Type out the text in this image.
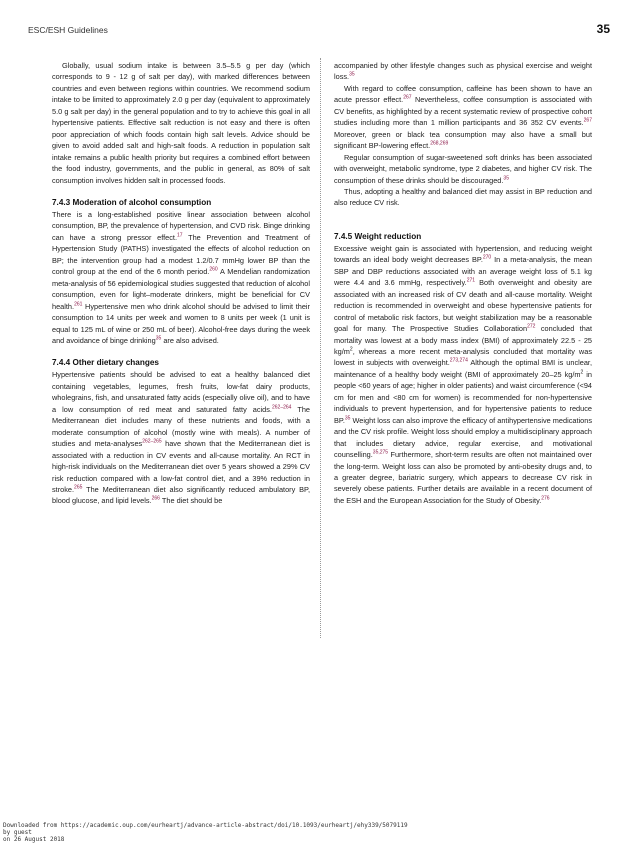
ESC/ESH Guidelines	35

Globally, usual sodium intake is between 3.5–5.5 g per day (which corresponds to 9 - 12 g of salt per day), with marked differences between countries and even between regions within countries. We recommend sodium intake to be limited to approximately 2.0 g per day (equivalent to approximately 5.0 g salt per day) in the general population and to try to achieve this goal in all hypertensive patients. Effective salt reduction is not easy and there is often poor appreciation of which foods contain high salt levels. Advice should be given to avoid added salt and high-salt foods. A reduction in population salt intake remains a public health priority but requires a combined effort between the food industry, governments, and the public in general, as 80% of salt consumption involves hidden salt in processed foods.

7.4.3 Moderation of alcohol consumption

There is a long-established positive linear association between alcohol consumption, BP, the prevalence of hypertension, and CVD risk. Binge drinking can have a strong pressor effect.$^{17}$ The Prevention and Treatment of Hypertension Study (PATHS) investigated the effects of alcohol reduction on BP; the intervention group had a modest 1.2/0.7 mmHg lower BP than the control group at the end of the 6 month period.$^{260}$ A Mendelian randomization meta-analysis of 56 epidemiological studies suggested that reduction of alcohol consumption, even for light–moderate drinkers, might be beneficial for CV health.$^{261}$ Hypertensive men who drink alcohol should be advised to limit their consumption to 14 units per week and women to 8 units per week (1 unit is equal to 125 mL of wine or 250 mL of beer). Alcohol-free days during the week and avoidance of binge drinking$^{35}$ are also advised.

7.4.4 Other dietary changes

Hypertensive patients should be advised to eat a healthy balanced diet containing vegetables, legumes, fresh fruits, low-fat dairy products, wholegrains, fish, and unsaturated fatty acids (especially olive oil), and to have a low consumption of red meat and saturated fatty acids.$^{262-264}$ The Mediterranean diet includes many of these nutrients and foods, with a moderate consumption of alcohol (mostly wine with meals). A number of studies and meta-analyses$^{262-265}$ have shown that the Mediterranean diet is associated with a reduction in CV events and all-cause mortality. An RCT in high-risk individuals on the Mediterranean diet over 5 years showed a 29% CV risk reduction compared with a low-fat control diet, and a 39% reduction in stroke.$^{265}$ The Mediterranean diet also significantly reduced ambulatory BP, blood glucose, and lipid levels.$^{266}$ The diet should be

accompanied by other lifestyle changes such as physical exercise and weight loss.$^{35}$

With regard to coffee consumption, caffeine has been shown to have an acute pressor effect.$^{267}$ Nevertheless, coffee consumption is associated with CV benefits, as highlighted by a recent systematic review of prospective cohort studies including more than 1 million participants and 36 352 CV events.$^{267}$ Moreover, green or black tea consumption may also have a small but significant BP-lowering effect.$^{268,269}$

Regular consumption of sugar-sweetened soft drinks has been associated with overweight, metabolic syndrome, type 2 diabetes, and higher CV risk. The consumption of these drinks should be discouraged.$^{35}$

Thus, adopting a healthy and balanced diet may assist in BP reduction and also reduce CV risk.

7.4.5 Weight reduction

Excessive weight gain is associated with hypertension, and reducing weight towards an ideal body weight decreases BP.$^{270}$ In a meta-analysis, the mean SBP and DBP reductions associated with an average weight loss of 5.1 kg were 4.4 and 3.6 mmHg, respectively.$^{271}$ Both overweight and obesity are associated with an increased risk of CV death and all-cause mortality. Weight reduction is recommended in overweight and obese hypertensive patients for control of metabolic risk factors, but weight stabilization may be a reasonable goal for many. The Prospective Studies Collaboration$^{272}$ concluded that mortality was lowest at a body mass index (BMI) of approximately 22.5 - 25 $kg/m^2$, whereas a more recent meta-analysis concluded that mortality was lowest in subjects with overweight.$^{273,274}$ Although the optimal BMI is unclear, maintenance of a healthy body weight (BMI of approximately 20–25 $kg/m^2$ in people <60 years of age; higher in older patients) and waist circumference (<94 cm for men and <80 cm for women) is recommended for non-hypertensive individuals to prevent hypertension, and for hypertensive patients to reduce BP.$^{35}$ Weight loss can also improve the efficacy of antihypertensive medications and the CV risk profile. Weight loss should employ a multidisciplinary approach that includes dietary advice, regular exercise, and motivational counselling.$^{35,275}$ Furthermore, short-term results are often not maintained over the long-term. Weight loss can also be promoted by anti-obesity drugs and, to a greater degree, bariatric surgery, which appears to decrease CV risk in severely obese patients. Further details are available in a recent document of the ESH and the European Association for the Study of Obesity.$^{276}$

Downloaded from https://academic.oup.com/eurheartj/advance-article-abstract/doi/10.1093/eurheartj/ehy339/5079119
by guest
on 26 August 2018
